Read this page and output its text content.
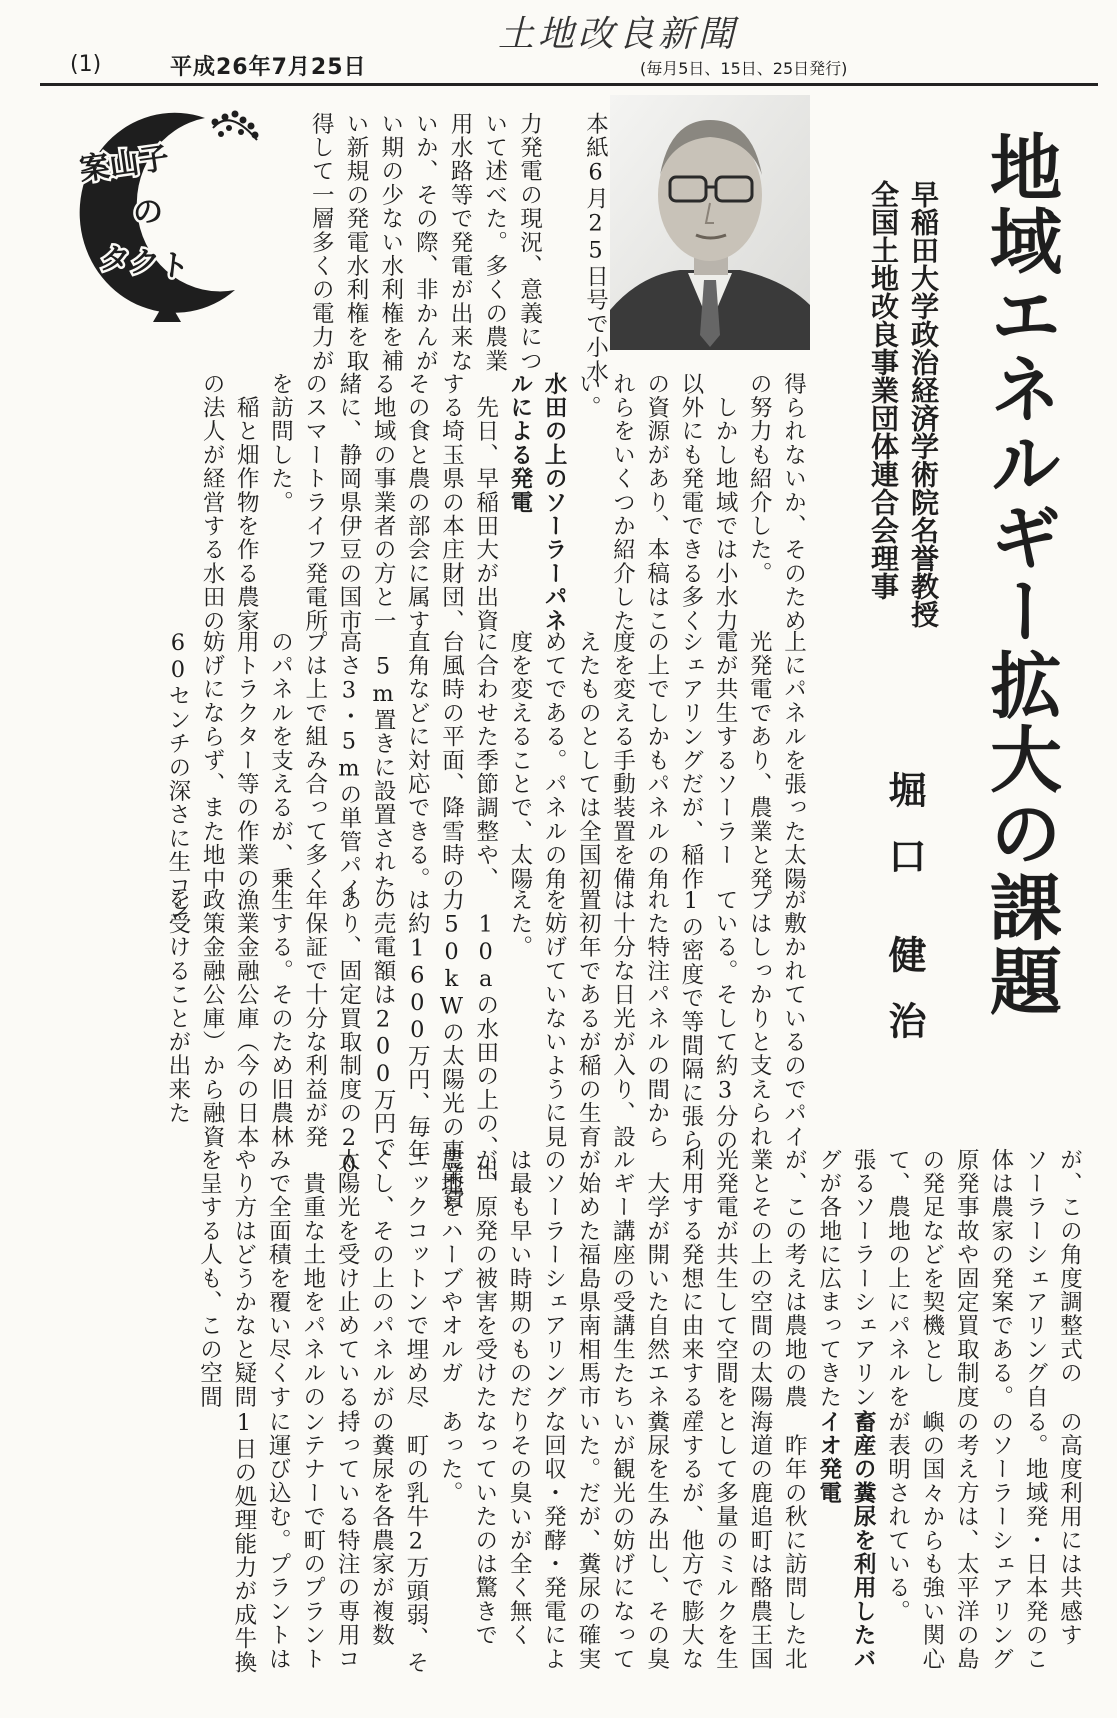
土地改良新聞
(1)	平成26年7月25日	(毎月5日、15日、25日発行)
案山子
の
タクト	地域エネルギー拡大の課題
早稲田大学政治経済学術院名誉教授
全国土地改良事業団体連合会理事
堀口
健治
本紙6月25日号で小水
力発電の現況、意義につ
いて述べた。多くの農業
用水路等で発電が出来な
いか、その際、非かんが
い期の少ない水利権を補
い新規の発電水利権を取
得して一層多くの電力が
得られないか、そのため
の努力も紹介した。
　しかし地域では小水力
以外にも発電できる多く
の資源があり、本稿はこ
れらをいくつか紹介した
い。
水田の上のソーラーパネ
ルによる発電
　先日、早稲田大が出資
する埼玉県の本庄財団、
その食と農の部会に属す
る地域の事業者の方と一
緒に、静岡県伊豆の国市
のスマートライフ発電所
を訪問した。
　稲と畑作物を作る農家
の法人が経営する水田の
上にパネルを張った太陽
光発電であり、農業と発
電が共生するソーラー
シェアリングだが、稲作
の上でしかもパネルの角
度を変える手動装置を備
えたものとしては全国初
めてである。パネルの角
度を変えることで、太陽
に合わせた季節調整や、
台風時の平面、降雪時の
直角などに対応できる。
　5m置きに設置された
高さ3・5mの単管パイ
プは上で組み合って多く
のパネルを支えるが、乗
用トラクター等の作業の
妨げにならず、また地中
60センチの深さに生コン
が敷かれているのでパイ
プはしっかりと支えられ
ている。そして約3分の
1の密度で等間隔に張ら
れた特注パネルの間から
は十分な日光が入り、設
置初年であるが稲の生育
を妨げていないように見
えた。
　10aの水田の上の、出
力50kWの太陽光の事業費
は約1600万円、毎年
の売電額は200万円で
あり、固定買取制度の20
年保証で十分な利益が発
生する。そのため旧農林
漁業金融公庫（今の日本
政策金融公庫）から融資
を受けることが出来た
が、この角度調整式の
ソーラーシェアリング自
体は農家の発案である。
原発事故や固定買取制度
の発足などを契機とし
て、農地の上にパネルを
張るソーラーシェアリン
グが各地に広まってきた
が、この考えは農地の農
業とその上の空間の太陽
光発電が共生して空間を
利用する発想に由来する。
　大学が開いた自然エネ
ルギー講座の受講生たち
が始めた福島県南相馬市
のソーラーシェアリング
は最も早い時期のものだ
が、原発の被害を受けた
農地をハーブやオルガ
ニックコットンで埋め尽
くし、その上のパネルが
太陽光を受け止めている。
　貴重な土地をパネルの
みで全面積を覆い尽くす
やり方はどうかなと疑問
を呈する人も、この空間
の高度利用には共感す
る。地域発・日本発のこ
のソーラーシェアリング
の考え方は、太平洋の島
嶼の国々からも強い関心
が表明されている。
畜産の糞尿を利用したバ
イオ発電
　昨年の秋に訪問した北
海道の鹿追町は酪農王国
として多量のミルクを生
産するが、他方で膨大な
糞尿を生み出し、その臭
いが観光の妨げになって
いた。だが、糞尿の確実
な回収・発酵・発電によ
りその臭いが全く無く
なっていたのは驚きで
あった。
　町の乳牛2万頭弱、そ
の糞尿を各農家が複数
持っている特注の専用コ
ンテナーで町のプラント
に運び込む。プラントは
1日の処理能力が成牛換
